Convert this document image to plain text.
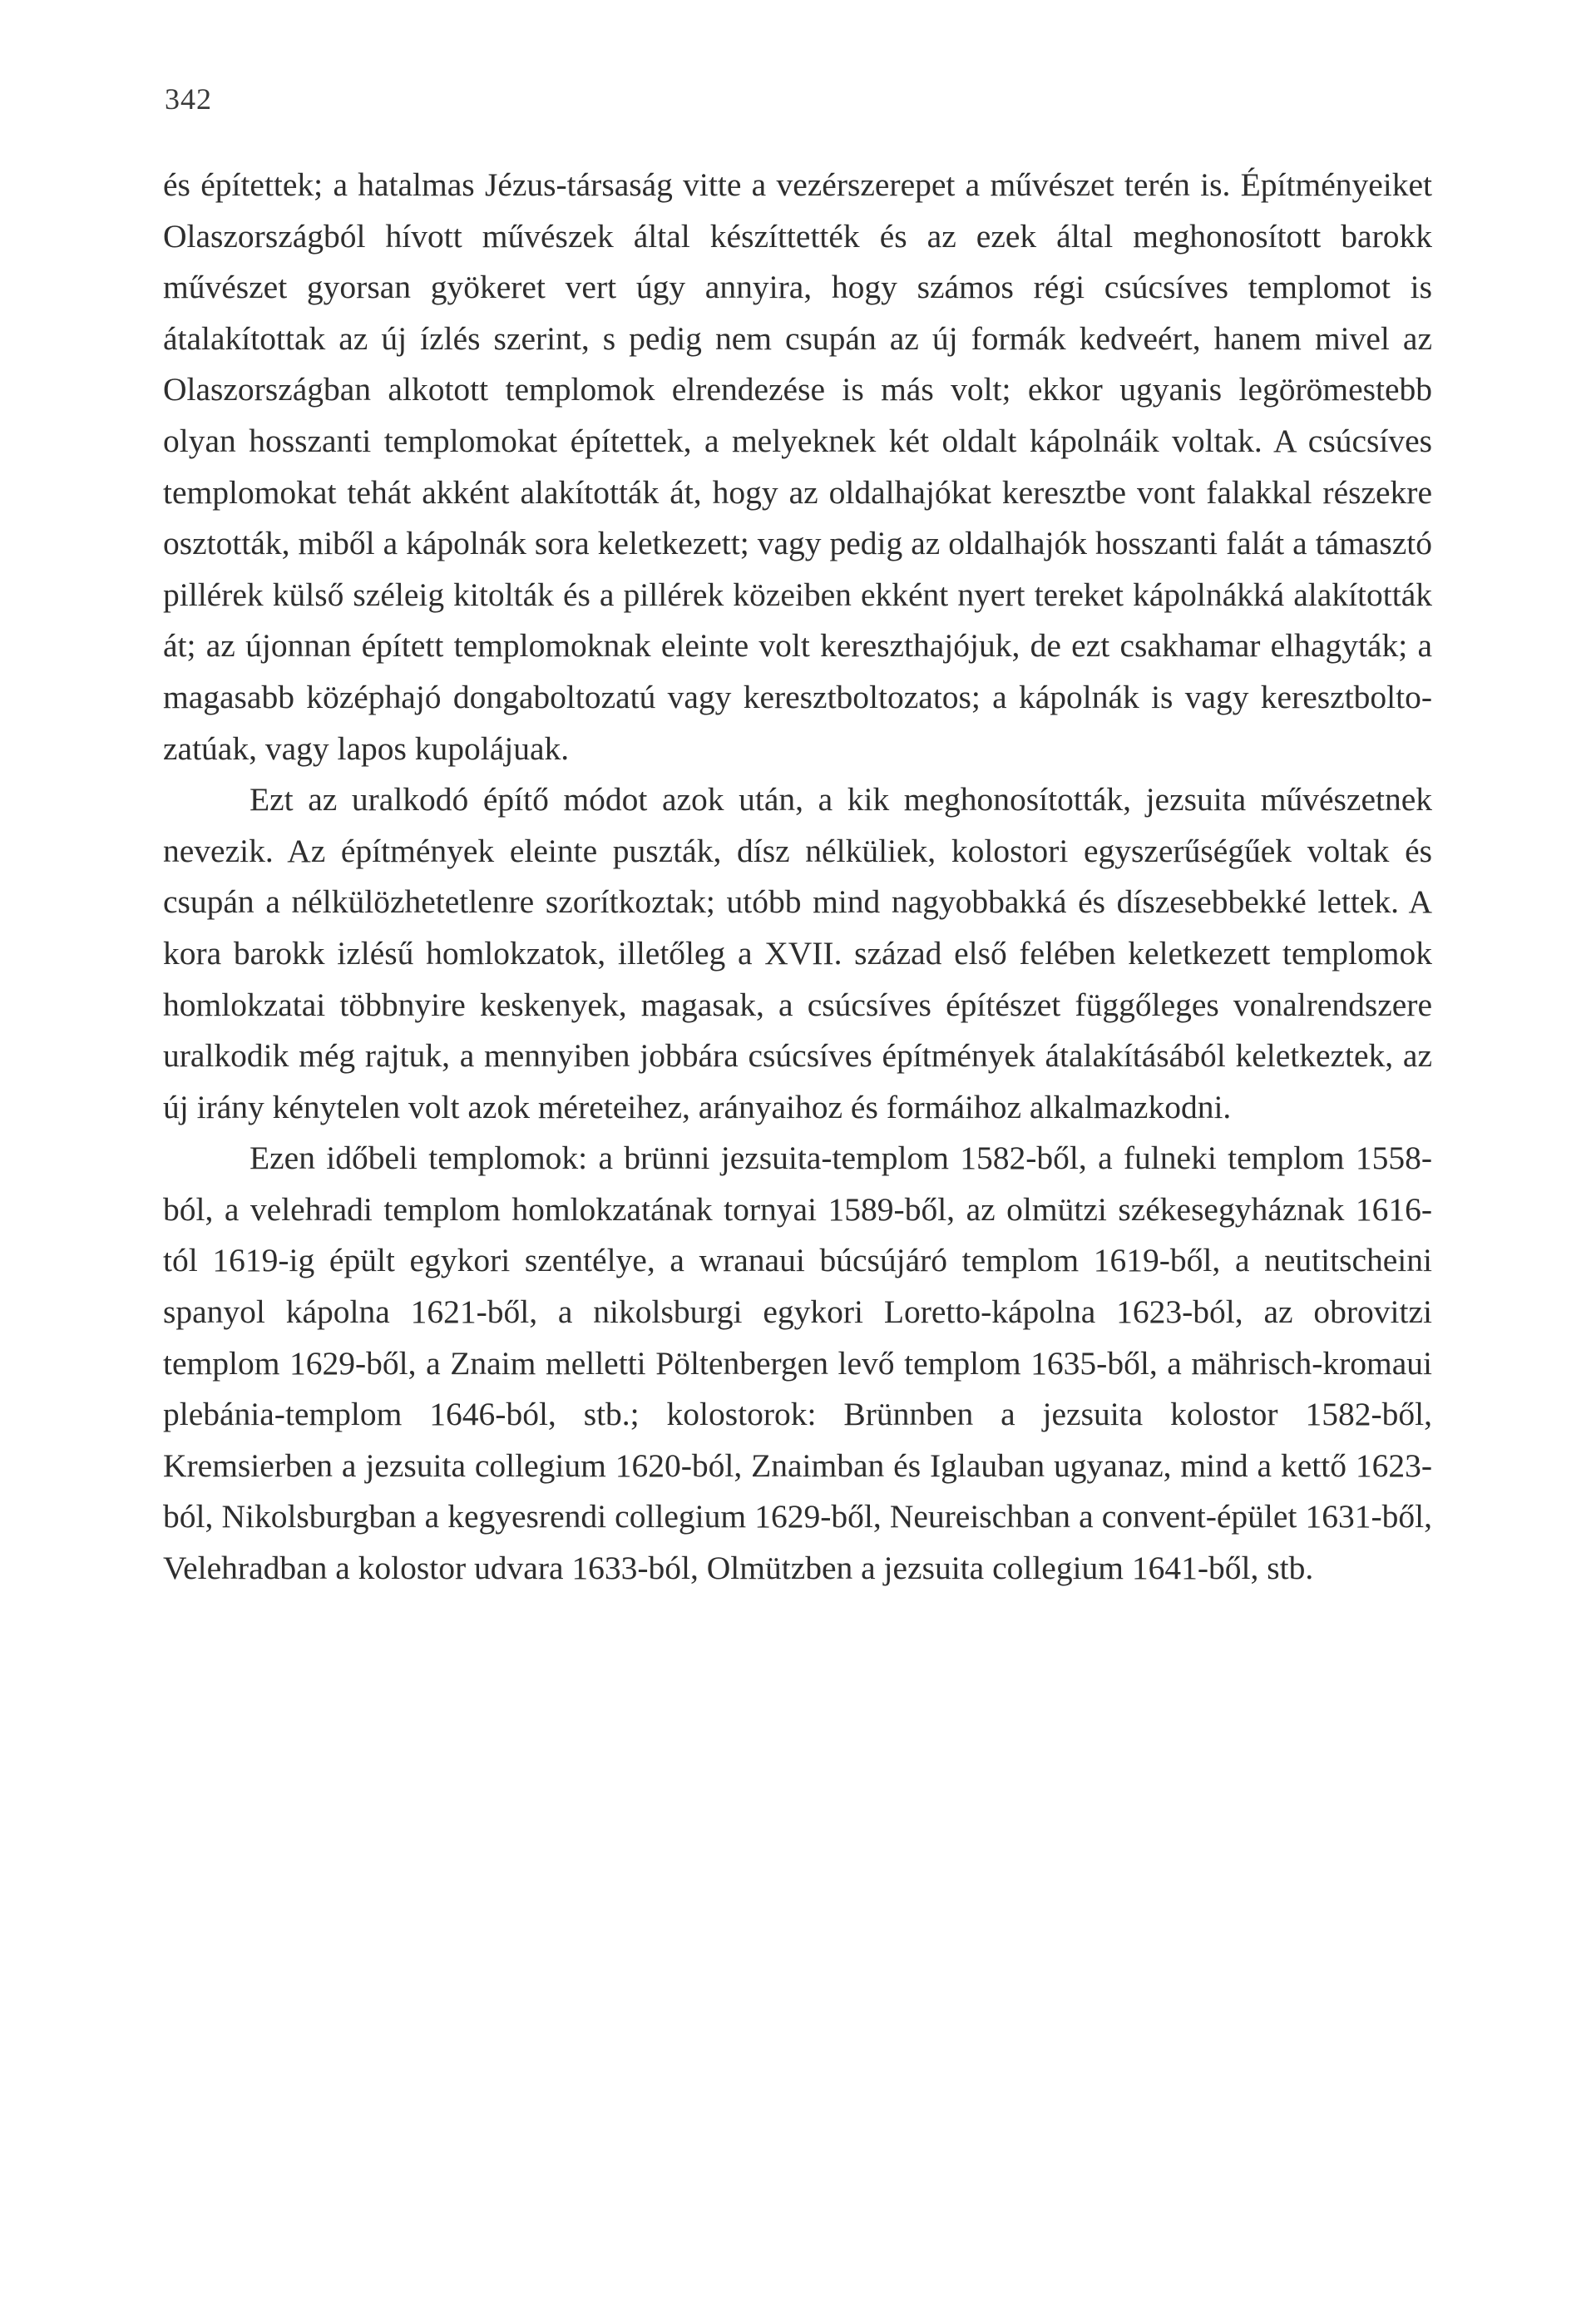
342

és építettek; a hatalmas Jézus-társaság vitte a vezérszerepet a művészet terén is. Építményeiket Olaszországból hívott művészek által készíttették és az ezek által meghonosított barokk művészet gyorsan gyökeret vert úgy annyira, hogy számos régi csúcsíves templomot is átalakítottak az új ízlés szerint, s pedig nem csupán az új formák kedveért, hanem mivel az Olaszországban alkotott templomok elrendezése is más volt; ekkor ugyanis legörömestebb olyan hosszanti templomokat építettek, a melyeknek két oldalt kápolnáik voltak. A csúcsíves templomokat tehát akként alakították át, hogy az oldalhajókat keresztbe vont falakkal részekre osztották, miből a kápolnák sora keletkezett; vagy pedig az oldalhajók hosszanti falát a támasztó pillérek külső széleig kitolták és a pillérek közeiben ekként nyert tereket kápolnákká alakították át; az újonnan épített templomoknak eleinte volt kereszthajójuk, de ezt csakhamar elhagyták; a magasabb középhajó dongaboltozatú vagy keresztboltozatos; a kápolnák is vagy keresztboltozatúak, vagy lapos kupolájuak.

Ezt az uralkodó építő módot azok után, a kik meghonosították, jezsuita művészetnek nevezik. Az építmények eleinte puszták, dísz nélküliek, kolostori egyszerűségűek voltak és csupán a nélkülözhetetlenre szorítkoztak; utóbb mind nagyobbakká és díszesebbekké lettek. A kora barokk izlésű homlokzatok, illetőleg a XVII. század első felében keletkezett templomok homlokzatai többnyire keskenyek, magasak, a csúcsíves építészet függőleges vonalrendszere uralkodik még rajtuk, a mennyiben jobbára csúcsíves építmények átalakításából keletkeztek, az új irány kénytelen volt azok méreteihez, arányaihoz és formáihoz alkalmazkodni.

Ezen időbeli templomok: a brünni jezsuita-templom 1582-ből, a fulneki templom 1558-ból, a velehradi templom homlokzatának tornyai 1589-ből, az olmützi székesegyháznak 1616-tól 1619-ig épült egykori szentélye, a wranaui búcsújáró templom 1619-ből, a neutitscheini spanyol kápolna 1621-ből, a nikolsburgi egykori Loretto-kápolna 1623-ból, az obrovitzi templom 1629-ből, a Znaim melletti Pöltenbergen levő templom 1635-ből, a mährisch-kromaui plebánia-templom 1646-ból, stb.; kolostorok: Brünnben a jezsuita kolostor 1582-ből, Kremsierben a jezsuita collegium 1620-ból, Znaimban és Iglauban ugyanaz, mind a kettő 1623-ból, Nikolsburgban a kegyesrendi collegium 1629-ből, Neureischban a convent-épület 1631-ből, Velehradban a kolostor udvara 1633-ból, Olmützben a jezsuita collegium 1641-ből, stb.
